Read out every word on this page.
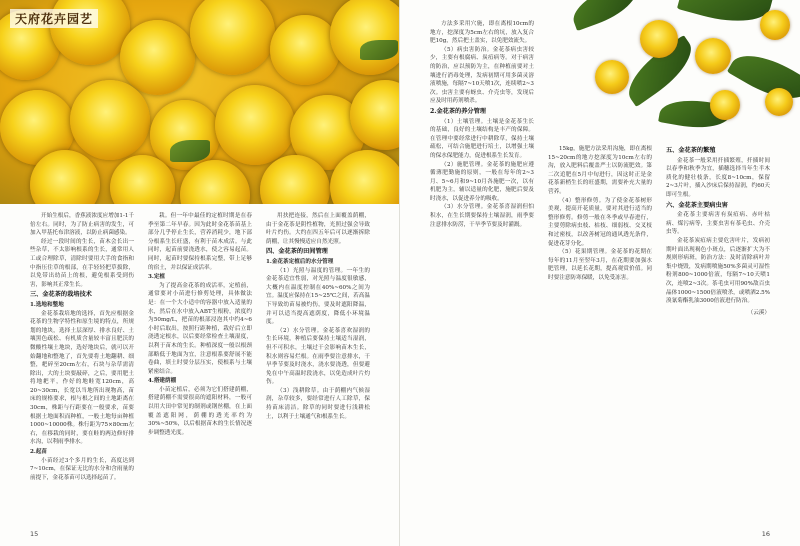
天府花卉园艺

开始生根后，香蕉液浓度应增加1-1千倍左右。同时，为了防止病害的发生，可加入甲基托布津溶液，以防止病菌感染。

经过一段时间的生长，苗木会长出一些杂草，不太影响根系的生长，通常用人工或合理除草，清除时要用大手的食指和中指压住草的根部，在手轻轻把草拔除，以免带出幼苗上的根，避免根系受到伤害，影响其正常生长。

三、金花茶的栽培技术
1.选地和整地

金花茶栽培地的选择，首先应根据金花茶的生物学特性和原生境的特点，所规划的地块，选择土层深厚、排水良好、土壤黑色疏松、有机质含量较丰富且肥沃的微酸性壤土地块，选好地块后，就可以开始翻地和整地了，首先要将土地翻耕、细整，耙碎至20cm左右，石块与杂草需清除出，大的土块要敲碎，之后，要用肥土将地耙平，作好的地畦宽120cm，高20~30cm，长宽以当地所出现物高，苗床的规格要求，根与根之间的土地距离在30cm，株距与行距要在一般要求，苗要根据土地面积而种植，一般土地每亩种植1000~10000株。株行距为75×80cm左右，在移栽的同时，要在畦的两边修好排水沟，以利雨季排水。

2.起苗

小苗经过3个多月的生长，高度达到7~10cm，在保证无比的水分和含雨量的前提下，金花茶苗可以选择起苗了。

栽。但一年中最佳的定植时期是在春季至第二年早春。因为此时金花茶苗基上部分几乎停止生长，营养消耗少，地下部分根系生长旺盛，有利于苗木成活。与此同时，起苗前要浇透水，使之容易起苗。同时，起苗时要保持根系完整，带上足够的宿土，并以保证成活率。

3.定植

为了提高金花茶的成活率，定植前，通常要对小苗进行修剪处理，具体做法是：在一个大小适中的容器中放入适量的水，然后在水中放入ABT生根粉，浓度约为50mg/L，把苗的根部浸泡其中约4~6小时后取出，按照行距种植，栽好后立即浇透定根水，以后要经常检查土壤湿度，以利于苗木的生长。种植深度一般以根颈部略低于地面为宜，注意根系要舒展不能卷曲，填土时要分层压实，使根系与土壤紧密结合。

4.搭建荫棚

小苗定植后，必须为它们搭建荫棚，搭建荫棚不需要很高的遮阳材料，一般可以用大田中常见的制剂或钢丝棚，在上面覆盖遮阳网，荫棚的透光率约为30%~50%，以后根据苗木的生长情况逐步调整透光度。

用扶把连接，然后在上面覆盖荫棚，由于金花茶是阴性植物，光照过强会导致叶片灼伤。大约在四五年后可以逐渐拆除荫棚，让其慢慢适应自然光照。

四、金花茶的田间管理
1.金花茶定植后的水分管理

（1）光照与温度的管理。一年生的金花茶适宜性弱，对光照与温度很敏感，大概内在温度控制在40%~60%之间为宜。温度应保持在15~25℃之间，若高温下导致幼苗易被灼伤，要及时遮阳降温，并可以适当提高遮荫度，降低小环境温度。

（2）水分管理。金花茶喜欢湿润的生长环境，种植后要保持土壤适当湿润，但不可积水，土壤过干会影响苗木生长，积水则容易烂根。在雨季要注意排水，干旱季节要及时浇水，浇水要浇透，但要避免在中午高温时段浇水，以免造成叶片灼伤。

（3）浅耕除草。由于荫棚内气候湿润，杂草较多，要经常进行人工除草，保持苗床清洁。除草的同时要进行浅耕松土，以利于土壤通气和根系生长。

15

方法多采用穴施，即在离根10cm的地方，挖深度为5cm左右的坑，放入复合肥10g，然后把土盖实，以免肥效流失。

（5）病虫害防治。金花茶病虫害较少，主要有根腐病、炭疽病等。对于病害的防治，应以预防为主，在种植前要对土壤进行消毒处理，发病初期可用多菌灵溶液喷施，每隔7~10天喷1次，连续喷2~3次。虫害主要有蚜虫、介壳虫等，发现后应及时用药剂喷杀。

2.金花茶的养分管理

（1）土壤管理。土壤是金花茶生长的基础，良好的土壤结构是丰产的保障。在管理中要经常进行中耕除草，保持土壤疏松，可结合施肥进行培土，以增强土壤的保水保肥能力，促进根系生长发育。

（2）施肥管理。金花茶的施肥应遵循薄肥勤施的原则，一般在每年的2~3月、5~6月和9~10月各施肥一次，以有机肥为主，辅以适量的化肥，施肥后要及时浇水，以促进养分的吸收。

（3）水分管理。金花茶喜湿润但怕积水，在生长期要保持土壤湿润，雨季要注意排水防涝，干旱季节要及时灌溉。

15kg，施肥方法采用沟施，即在离根15~20cm的地方挖深度为10cm左右的沟，放入肥料后覆盖严土以防流肥效。第二次追肥在5月中旬进行，因这时正是金花茶新梢生长的旺盛期，需要补充大量的营养。

（4）整形修剪。为了使金花茶树形美观，提高开花质量，要对其进行适当的整形修剪。修剪一般在冬季或早春进行，主要剪除病虫枝、枯枝、细弱枝、交叉枝和过密枝，以改善树冠的通风透光条件，促进花芽分化。

（5）花果期管理。金花茶的花期在每年的11月至翌年3月，在花期要加强水肥管理，以延长花期，提高观赏价值。同时要注意防寒保暖，以免受冻害。

五、金花茶的繁殖

金花茶一般采用扦插繁殖，扦插时间以春季和秋季为宜，插穗选择当年生半木质化的健壮枝条，长度8~10cm，保留2~3片叶，插入沙床后保持湿润，约60天即可生根。

六、金花茶主要病虫害

金花茶主要病害有炭疽病、赤叶枯病、煤污病等，主要虫害有茶毛虫、介壳虫等。

金花茶炭疽病主要危害叶片，发病初期叶面出现褐色小斑点，后逐渐扩大为不规则形病斑，防治方法：及时清除病叶并集中烧毁，发病期喷施50%多菌灵可湿性粉剂800~1000倍液，每隔7~10天喷1次，连喷2~3次。茶毛虫可用90%敌百虫晶体1000~1500倍液喷杀，或喷洒2.5%溴氰菊酯乳油3000倍液进行防治。

（云溪）
16
